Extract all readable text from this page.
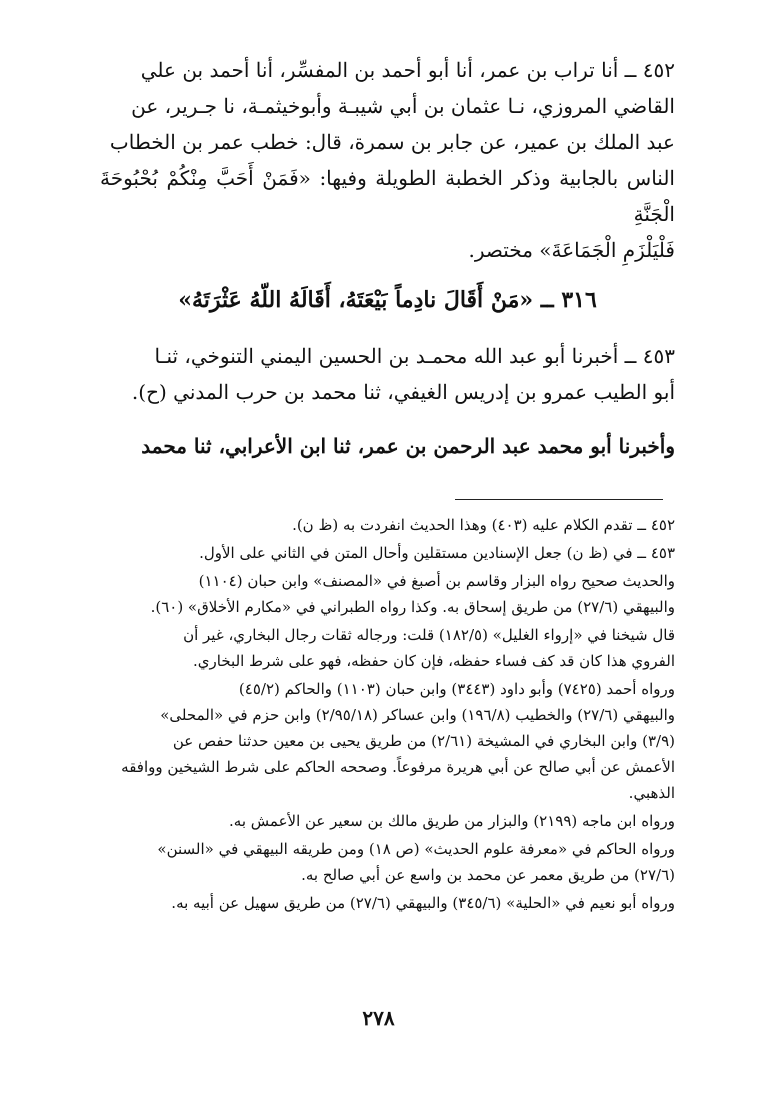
٤٥٢ ــ أنا تراب بن عمر، أنا أبو أحمد بن المفسِّر، أنا أحمد بن علي
القاضي المروزي، نـا عثمان بن أبي شيبـة وأبوخيثمـة، نا جـرير، عن
عبد الملك بن عمير، عن جابر بن سمرة، قال: خطب عمر بن الخطاب
الناس بالجابية وذكر الخطبة الطويلة وفيها: «فَمَنْ أَحَبَّ مِنْكُمْ بُحْبُوحَةَ الْجَنَّةِ
فَلْيَلْزَمِ الْجَمَاعَةَ» مختصر.
٣١٦ ــ «مَنْ أَقَالَ نادِماً بَيْعَتَهُ، أَقَالَهُ اللّهُ عَثْرَتَهُ»
٤٥٣ ــ أخبرنا أبو عبد الله محمـد بن الحسين اليمني التنوخي، ثنـا
أبو الطيب عمرو بن إدريس الغيفي، ثنا محمد بن حرب المدني (ح).
وأخبرنا أبو محمد عبد الرحمن بن عمر، ثنا ابن الأعرابي، ثنا محمد
٤٥٢ ــ تقدم الكلام عليه (٤٠٣) وهذا الحديث انفردت به (ظ ن).
٤٥٣ ــ في (ظ ن) جعل الإسنادين مستقلين وأحال المتن في الثاني على الأول.
والحديث صحيح رواه البزار وقاسم بن أصبغ في «المصنف» وابن حبان (١١٠٤)
والبيهقي (٢٧/٦) من طريق إسحاق به. وكذا رواه الطبراني في «مكارم الأخلاق» (٦٠).
قال شيخنا في «إرواء الغليل» (١٨٢/٥) قلت: ورجاله ثقات رجال البخاري، غير أن
الفروي هذا كان قد كف فساء حفظه، فإن كان حفظه، فهو على شرط البخاري.
ورواه أحمد (٧٤٢٥) وأبو داود (٣٤٤٣) وابن حبان (١١٠٣) والحاكم (٤٥/٢)
والبيهقي (٢٧/٦) والخطيب (١٩٦/٨) وابن عساكر (٢/٩٥/١٨) وابن حزم في «المحلى»
(٣/٩) وابن البخاري في المشيخة (٢/٦١) من طريق يحيى بن معين حدثنا حفص عن
الأعمش عن أبي صالح عن أبي هريرة مرفوعاً. وصححه الحاكم على شرط الشيخين ووافقه
الذهبي.
ورواه ابن ماجه (٢١٩٩) والبزار من طريق مالك بن سعير عن الأعمش به.
ورواه الحاكم في «معرفة علوم الحديث» (ص ١٨) ومن طريقه البيهقي في «السنن»
(٢٧/٦) من طريق معمر عن محمد بن واسع عن أبي صالح به.
ورواه أبو نعيم في «الحلية» (٣٤٥/٦) والبيهقي (٢٧/٦) من طريق سهيل عن أبيه به.
٢٧٨
